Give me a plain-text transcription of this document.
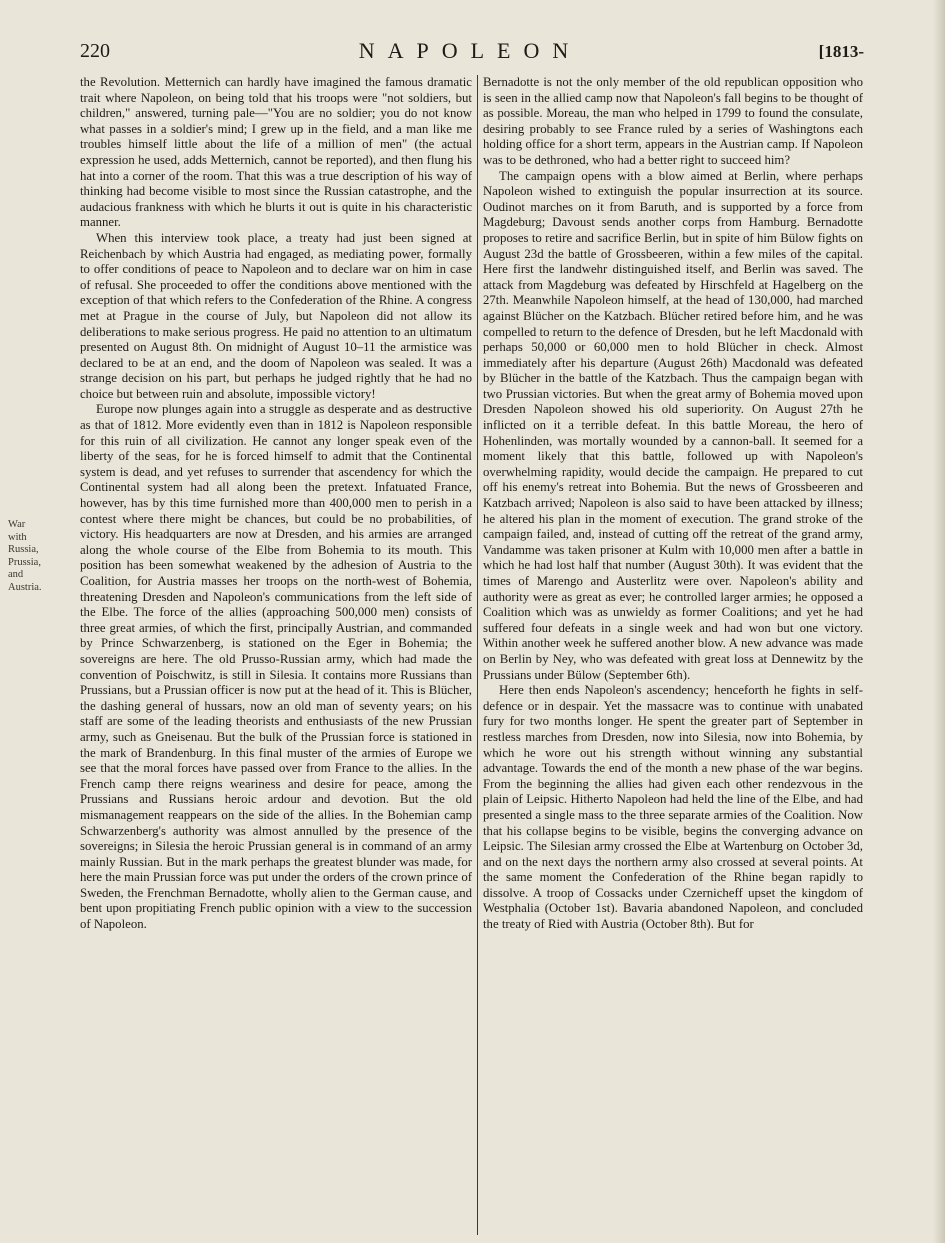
220	NAPOLEON	[1813-
War
with
Russia,
Prussia,
and
Austria.

the Revolution. Metternich can hardly have imagined the famous dramatic trait where Napoleon, on being told that his troops were "not soldiers, but children," answered, turning pale—"You are no soldier; you do not know what passes in a soldier's mind; I grew up in the field, and a man like me troubles himself little about the life of a million of men" (the actual expression he used, adds Metternich, cannot be reported), and then flung his hat into a corner of the room. That this was a true description of his way of thinking had become visible to most since the Russian catastrophe, and the audacious frankness with which he blurts it out is quite in his characteristic manner.

When this interview took place, a treaty had just been signed at Reichenbach by which Austria had engaged, as mediating power, formally to offer conditions of peace to Napoleon and to declare war on him in case of refusal. She proceeded to offer the conditions above mentioned with the exception of that which refers to the Confederation of the Rhine. A congress met at Prague in the course of July, but Napoleon did not allow its deliberations to make serious progress. He paid no attention to an ultimatum presented on August 8th. On midnight of August 10–11 the armistice was declared to be at an end, and the doom of Napoleon was sealed. It was a strange decision on his part, but perhaps he judged rightly that he had no choice but between ruin and absolute, impossible victory!

Europe now plunges again into a struggle as desperate and as destructive as that of 1812. More evidently even than in 1812 is Napoleon responsible for this ruin of all civilization. He cannot any longer speak even of the liberty of the seas, for he is forced himself to admit that the Continental system is dead, and yet refuses to surrender that ascendency for which the Continental system had all along been the pretext. Infatuated France, however, has by this time furnished more than 400,000 men to perish in a contest where there might be chances, but could be no probabilities, of victory. His headquarters are now at Dresden, and his armies are arranged along the whole course of the Elbe from Bohemia to its mouth. This position has been somewhat weakened by the adhesion of Austria to the Coalition, for Austria masses her troops on the north-west of Bohemia, threatening Dresden and Napoleon's communications from the left side of the Elbe. The force of the allies (approaching 500,000 men) consists of three great armies, of which the first, principally Austrian, and commanded by Prince Schwarzenberg, is stationed on the Eger in Bohemia; the sovereigns are here. The old Prusso-Russian army, which had made the convention of Poischwitz, is still in Silesia. It contains more Russians than Prussians, but a Prussian officer is now put at the head of it. This is Blücher, the dashing general of hussars, now an old man of seventy years; on his staff are some of the leading theorists and enthusiasts of the new Prussian army, such as Gneisenau. But the bulk of the Prussian force is stationed in the mark of Brandenburg. In this final muster of the armies of Europe we see that the moral forces have passed over from France to the allies. In the French camp there reigns weariness and desire for peace, among the Prussians and Russians heroic ardour and devotion. But the old mismanagement reappears on the side of the allies. In the Bohemian camp Schwarzenberg's authority was almost annulled by the presence of the sovereigns; in Silesia the heroic Prussian general is in command of an army mainly Russian. But in the mark perhaps the greatest blunder was made, for here the main Prussian force was put under the orders of the crown prince of Sweden, the Frenchman Bernadotte, wholly alien to the German cause, and bent upon propitiating French public opinion with a view to the succession of Napoleon.

Bernadotte is not the only member of the old republican opposition who is seen in the allied camp now that Napoleon's fall begins to be thought of as possible. Moreau, the man who helped in 1799 to found the consulate, desiring probably to see France ruled by a series of Washingtons each holding office for a short term, appears in the Austrian camp. If Napoleon was to be dethroned, who had a better right to succeed him?

The campaign opens with a blow aimed at Berlin, where perhaps Napoleon wished to extinguish the popular insurrection at its source. Oudinot marches on it from Baruth, and is supported by a force from Magdeburg; Davoust sends another corps from Hamburg. Bernadotte proposes to retire and sacrifice Berlin, but in spite of him Bülow fights on August 23d the battle of Grossbeeren, within a few miles of the capital. Here first the landwehr distinguished itself, and Berlin was saved. The attack from Magdeburg was defeated by Hirschfeld at Hagelberg on the 27th. Meanwhile Napoleon himself, at the head of 130,000, had marched against Blücher on the Katzbach. Blücher retired before him, and he was compelled to return to the defence of Dresden, but he left Macdonald with perhaps 50,000 or 60,000 men to hold Blücher in check. Almost immediately after his departure (August 26th) Macdonald was defeated by Blücher in the battle of the Katzbach. Thus the campaign began with two Prussian victories. But when the great army of Bohemia moved upon Dresden Napoleon showed his old superiority. On August 27th he inflicted on it a terrible defeat. In this battle Moreau, the hero of Hohenlinden, was mortally wounded by a cannon-ball. It seemed for a moment likely that this battle, followed up with Napoleon's overwhelming rapidity, would decide the campaign. He prepared to cut off his enemy's retreat into Bohemia. But the news of Grossbeeren and Katzbach arrived; Napoleon is also said to have been attacked by illness; he altered his plan in the moment of execution. The grand stroke of the campaign failed, and, instead of cutting off the retreat of the grand army, Vandamme was taken prisoner at Kulm with 10,000 men after a battle in which he had lost half that number (August 30th). It was evident that the times of Marengo and Austerlitz were over. Napoleon's ability and authority were as great as ever; he controlled larger armies; he opposed a Coalition which was as unwieldy as former Coalitions; and yet he had suffered four defeats in a single week and had won but one victory. Within another week he suffered another blow. A new advance was made on Berlin by Ney, who was defeated with great loss at Dennewitz by the Prussians under Bülow (September 6th).

Here then ends Napoleon's ascendency; henceforth he fights in self-defence or in despair. Yet the massacre was to continue with unabated fury for two months longer. He spent the greater part of September in restless marches from Dresden, now into Silesia, now into Bohemia, by which he wore out his strength without winning any substantial advantage. Towards the end of the month a new phase of the war begins. From the beginning the allies had given each other rendezvous in the plain of Leipsic. Hitherto Napoleon had held the line of the Elbe, and had presented a single mass to the three separate armies of the Coalition. Now that his collapse begins to be visible, begins the converging advance on Leipsic. The Silesian army crossed the Elbe at Wartenburg on October 3d, and on the next days the northern army also crossed at several points. At the same moment the Confederation of the Rhine began rapidly to dissolve. A troop of Cossacks under Czernicheff upset the kingdom of Westphalia (October 1st). Bavaria abandoned Napoleon, and concluded the treaty of Ried with Austria (October 8th). But for
